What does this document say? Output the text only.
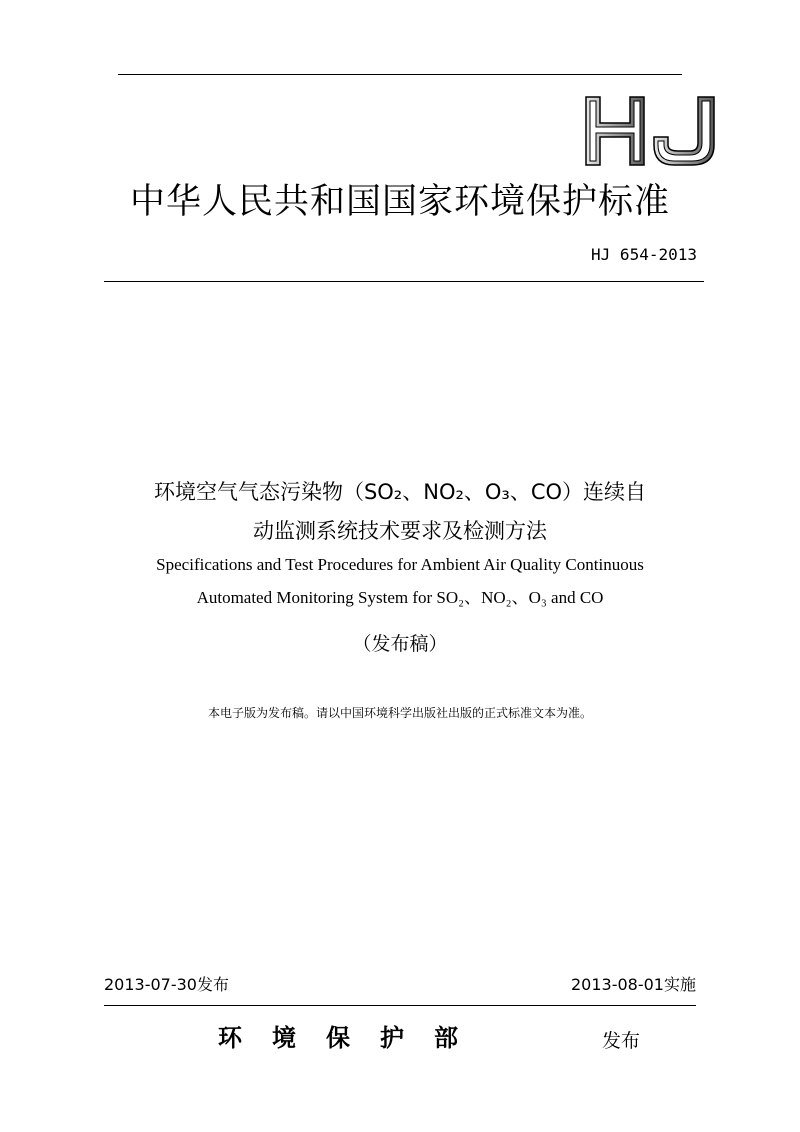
中华人民共和国国家环境保护标准
HJ 654-2013
环境空气气态污染物（SO₂、NO₂、O₃、CO）连续自
动监测系统技术要求及检测方法
Specifications and Test Procedures for Ambient Air Quality Continuous
Automated Monitoring System for SO₂、NO₂、O₃ and CO
（发布稿）
本电子版为发布稿。请以中国环境科学出版社出版的正式标准文本为准。
2013-07-30发布	2013-08-01实施
环境保护部	发布
